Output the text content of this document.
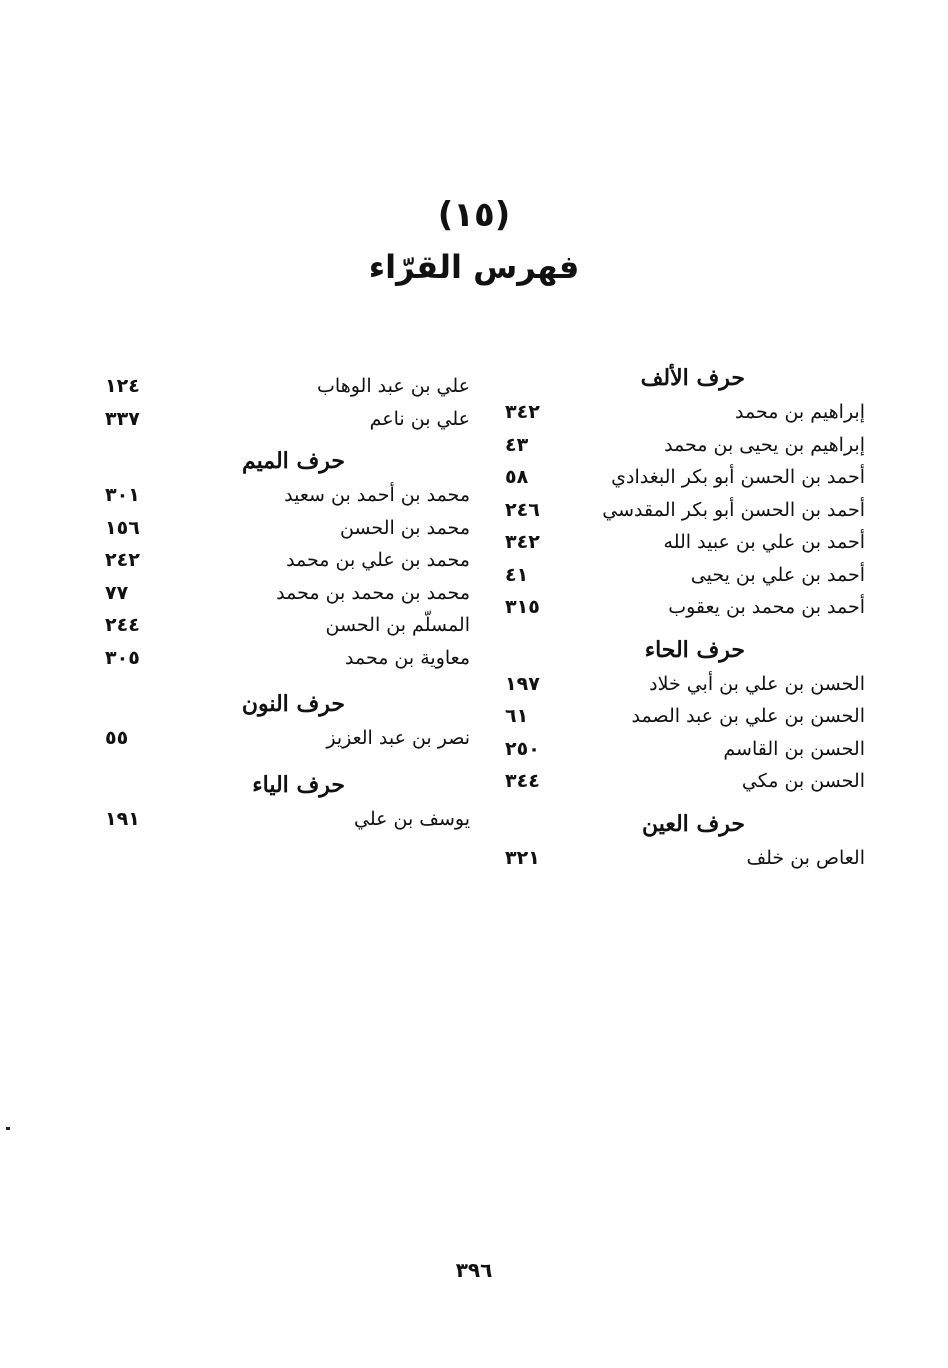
(١٥)
فهرس القرّاء
حرف الألف
إبراهيم بن محمد
٣٤٢
إبراهيم بن يحيى بن محمد
٤٣
أحمد بن الحسن أبو بكر البغدادي
٥٨
أحمد بن الحسن أبو بكر المقدسي
٢٤٦
أحمد بن علي بن عبيد الله
٣٤٢
أحمد بن علي بن يحيى
٤١
أحمد بن محمد بن يعقوب
٣١٥
حرف الحاء
الحسن بن علي بن أبي خلاد
١٩٧
الحسن بن علي بن عبد الصمد
٦١
الحسن بن القاسم
٢٥٠
الحسن بن مكي
٣٤٤
حرف العين
العاص بن خلف
٣٢١
علي بن عبد الوهاب
١٢٤
علي بن ناعم
٣٣٧
حرف الميم
محمد بن أحمد بن سعيد
٣٠١
محمد بن الحسن
١٥٦
محمد بن علي بن محمد
٢٤٢
محمد بن محمد بن محمد
٧٧
المسلّم بن الحسن
٢٤٤
معاوية بن محمد
٣٠٥
حرف النون
نصر بن عبد العزيز
٥٥
حرف الياء
يوسف بن علي
١٩١
٣٩٦
